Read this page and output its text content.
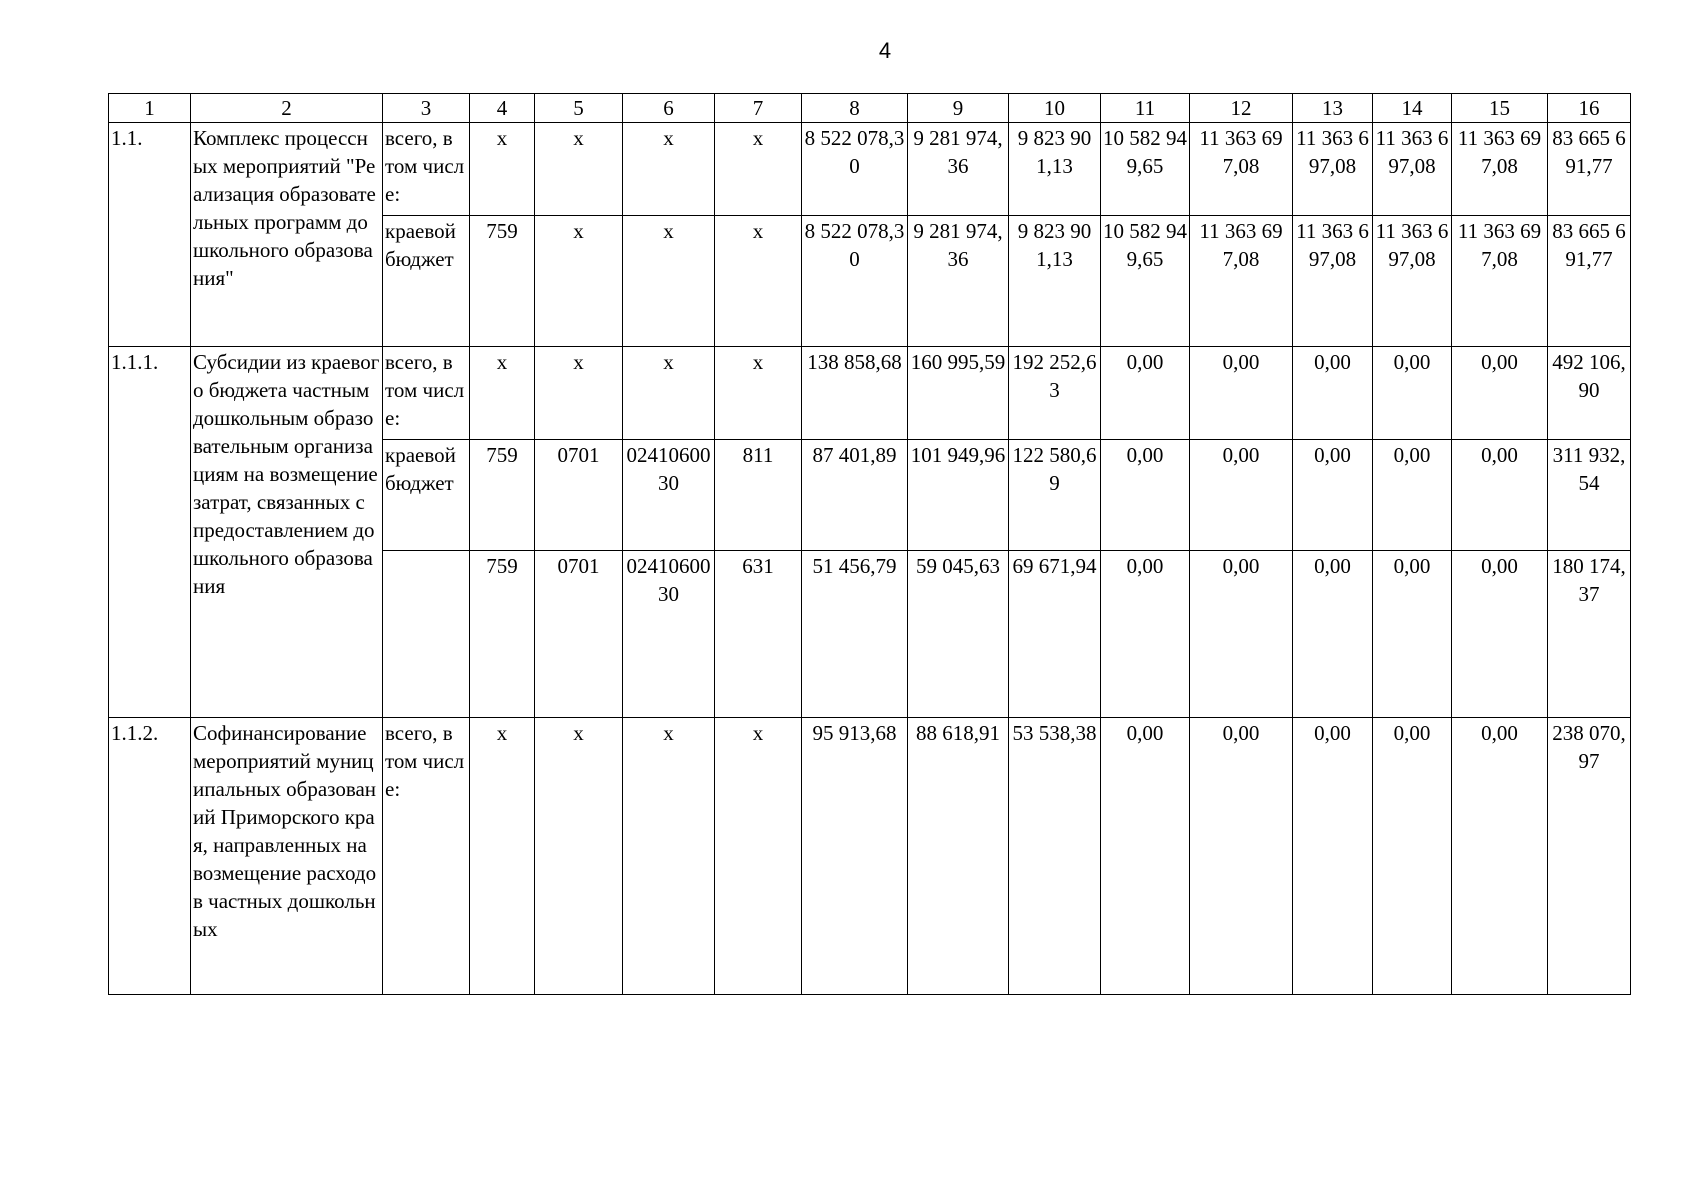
4
1	2	3	4	5	6	7	8	9	10	11	12	13	14	15	16
1.1.	Комплекс процессных мероприятий "Реализация образовательных программ дошкольного образования"	всего, в том числе:	x	x	x	x	8 522 078,30	9 281 974,36	9 823 901,13	10 582 949,65	11 363 697,08	11 363 697,08	11 363 697,08	11 363 697,08	83 665 691,77
		краевой бюджет	759	x	x	x	8 522 078,30	9 281 974,36	9 823 901,13	10 582 949,65	11 363 697,08	11 363 697,08	11 363 697,08	11 363 697,08	83 665 691,77
1.1.1.	Субсидии из краевого бюджета частным дошкольным образовательным организациям на возмещение затрат, связанных с предоставлением дошкольного образования	всего, в том числе:	x	x	x	x	138 858,68	160 995,59	192 252,63	0,00	0,00	0,00	0,00	0,00	492 106,90
		краевой бюджет	759	0701	0241060030	811	87 401,89	101 949,96	122 580,69	0,00	0,00	0,00	0,00	0,00	311 932,54
			759	0701	0241060030	631	51 456,79	59 045,63	69 671,94	0,00	0,00	0,00	0,00	0,00	180 174,37
1.1.2.	Софинансирование мероприятий муниципальных образований Приморского края, направленных на возмещение расходов частных дошкольных	всего, в том числе:	x	x	x	x	95 913,68	88 618,91	53 538,38	0,00	0,00	0,00	0,00	0,00	238 070,97
